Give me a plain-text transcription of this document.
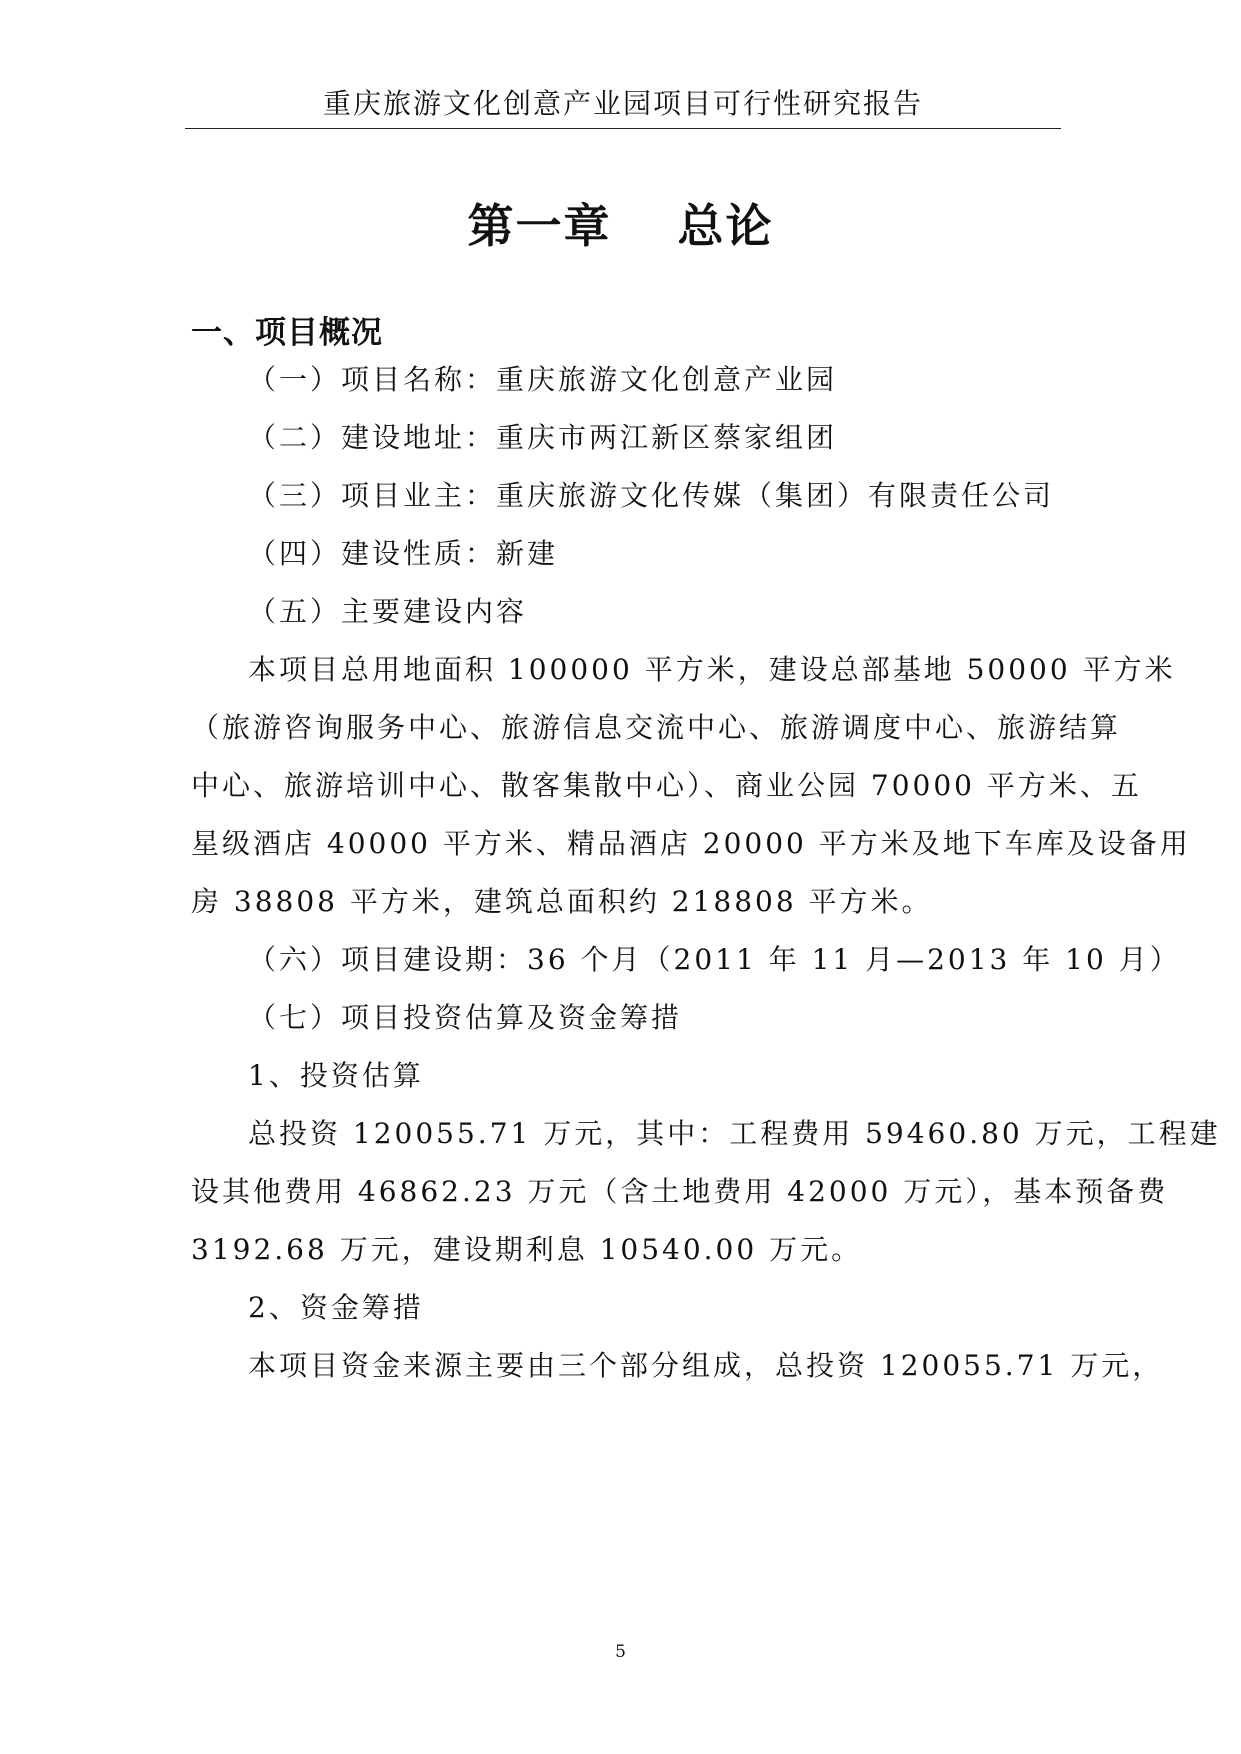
重庆旅游文化创意产业园项目可行性研究报告
第一章　 总论
一、项目概况
（一）项目名称：重庆旅游文化创意产业园
（二）建设地址：重庆市两江新区蔡家组团
（三）项目业主：重庆旅游文化传媒（集团）有限责任公司
（四）建设性质：新建
（五）主要建设内容
本项目总用地面积 100000 平方米，建设总部基地 50000 平方米
（旅游咨询服务中心、旅游信息交流中心、旅游调度中心、旅游结算
中心、旅游培训中心、散客集散中心）、商业公园 70000 平方米、五
星级酒店 40000 平方米、精品酒店 20000 平方米及地下车库及设备用
房 38808 平方米，建筑总面积约 218808 平方米。
（六）项目建设期：36 个月（2011 年 11 月—2013 年 10 月）
（七）项目投资估算及资金筹措
1、投资估算
总投资 120055.71 万元，其中：工程费用 59460.80 万元，工程建
设其他费用 46862.23 万元（含土地费用 42000 万元），基本预备费
3192.68 万元，建设期利息 10540.00 万元。
2、资金筹措
本项目资金来源主要由三个部分组成，总投资 120055.71 万元，
5
